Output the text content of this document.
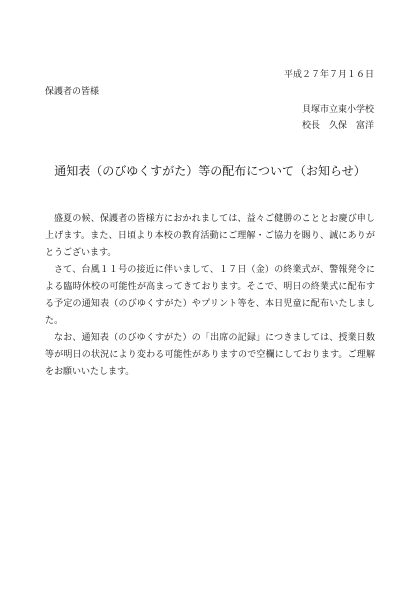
平成２７年７月１６日
保護者の皆様
貝塚市立東小学校
校長　久保　富洋
通知表（のびゆくすがた）等の配布について（お知らせ）

盛夏の候、保護者の皆様方におかれましては、益々ご健勝のこととお慶び申し上げます。また、日頃より本校の教育活動にご理解・ご協力を賜り、誠にありがとうございます。

さて、台風１１号の接近に伴いまして、１７日（金）の終業式が、警報発令による臨時休校の可能性が高まってきております。そこで、明日の終業式に配布する予定の通知表（のびゆくすがた）やプリント等を、本日児童に配布いたしました。

なお、通知表（のびゆくすがた）の「出席の記録」につきましては、授業日数等が明日の状況により変わる可能性がありますので空欄にしております。ご理解をお願いいたします。
